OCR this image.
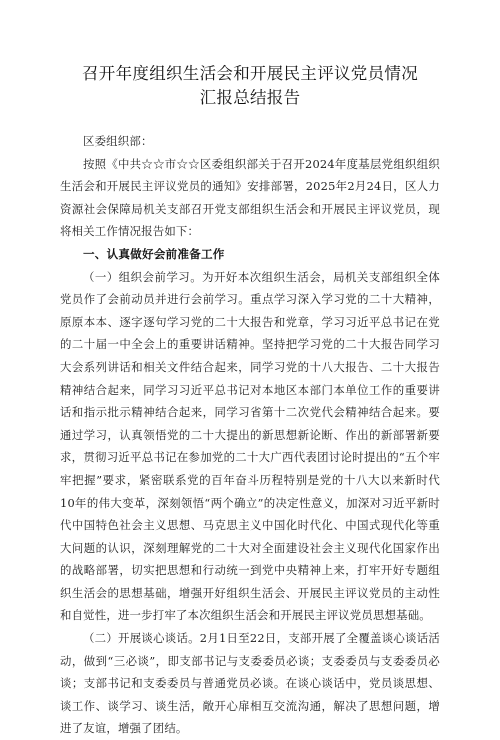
召开年度组织生活会和开展民主评议党员情况
汇报总结报告

区委组织部：

按照《中共☆☆市☆☆区委组织部关于召开2024年度基层党组织组织生活会和开展民主评议党员的通知》安排部署，2025年2月24日，区人力资源社会保障局机关支部召开党支部组织生活会和开展民主评议党员，现将相关工作情况报告如下：

一、认真做好会前准备工作

（一）组织会前学习。为开好本次组织生活会，局机关支部组织全体党员作了会前动员并进行会前学习。重点学习深入学习党的二十大精神，原原本本、逐字逐句学习党的二十大报告和党章，学习习近平总书记在党的二十届一中全会上的重要讲话精神。坚持把学习党的二十大报告同学习大会系列讲话和相关文件结合起来，同学习党的十八大报告、二十大报告精神结合起来，同学习习近平总书记对本地区本部门本单位工作的重要讲话和指示批示精神结合起来，同学习省第十二次党代会精神结合起来。要通过学习，认真领悟党的二十大提出的新思想新论断、作出的新部署新要求，贯彻习近平总书记在参加党的二十大广西代表团讨论时提出的“五个牢牢把握”要求，紧密联系党的百年奋斗历程特别是党的十八大以来新时代10年的伟大变革，深刻领悟“两个确立”的决定性意义，加深对习近平新时代中国特色社会主义思想、马克思主义中国化时代化、中国式现代化等重大问题的认识，深刻理解党的二十大对全面建设社会主义现代化国家作出的战略部署，切实把思想和行动统一到党中央精神上来，打牢开好专题组织生活会的思想基础，增强开好组织生活会、开展民主评议党员的主动性和自觉性，进一步打牢了本次组织生活会和开展民主评议党员思想基础。

（二）开展谈心谈话。2月1日至22日，支部开展了全覆盖谈心谈话活动，做到“三必谈”，即支部书记与支委委员必谈；支委委员与支委委员必谈；支部书记和支委委员与普通党员必谈。在谈心谈话中，党员谈思想、谈工作、谈学习、谈生活，敞开心扉相互交流沟通，解决了思想问题，增进了友谊，增强了团结。
